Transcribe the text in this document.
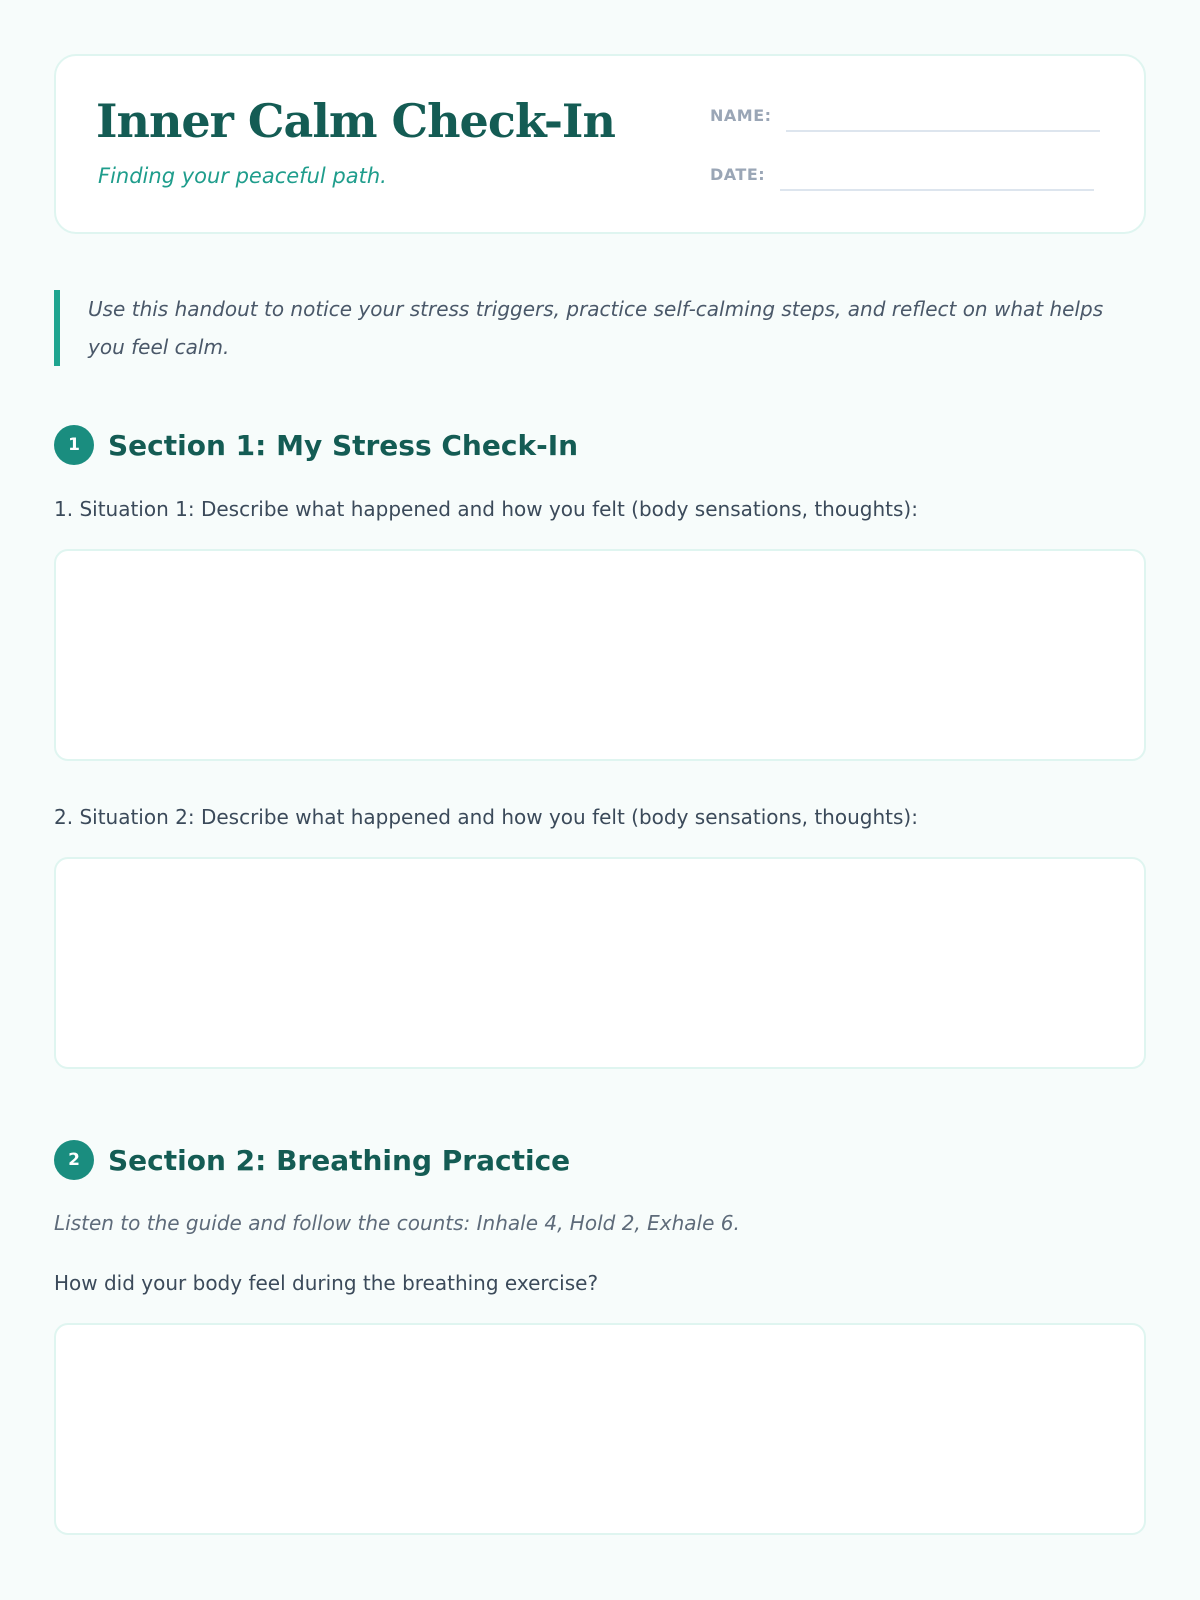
Inner Calm Check-In
Finding your peaceful path.
NAME:
DATE:
Use this handout to notice your stress triggers, practice self-calming steps, and reflect on what helps you feel calm.
1	Section 1: My Stress Check-In
1. Situation 1: Describe what happened and how you felt (body sensations, thoughts):
2. Situation 2: Describe what happened and how you felt (body sensations, thoughts):
2	Section 2: Breathing Practice
Listen to the guide and follow the counts: Inhale 4, Hold 2, Exhale 6.
How did your body feel during the breathing exercise?
